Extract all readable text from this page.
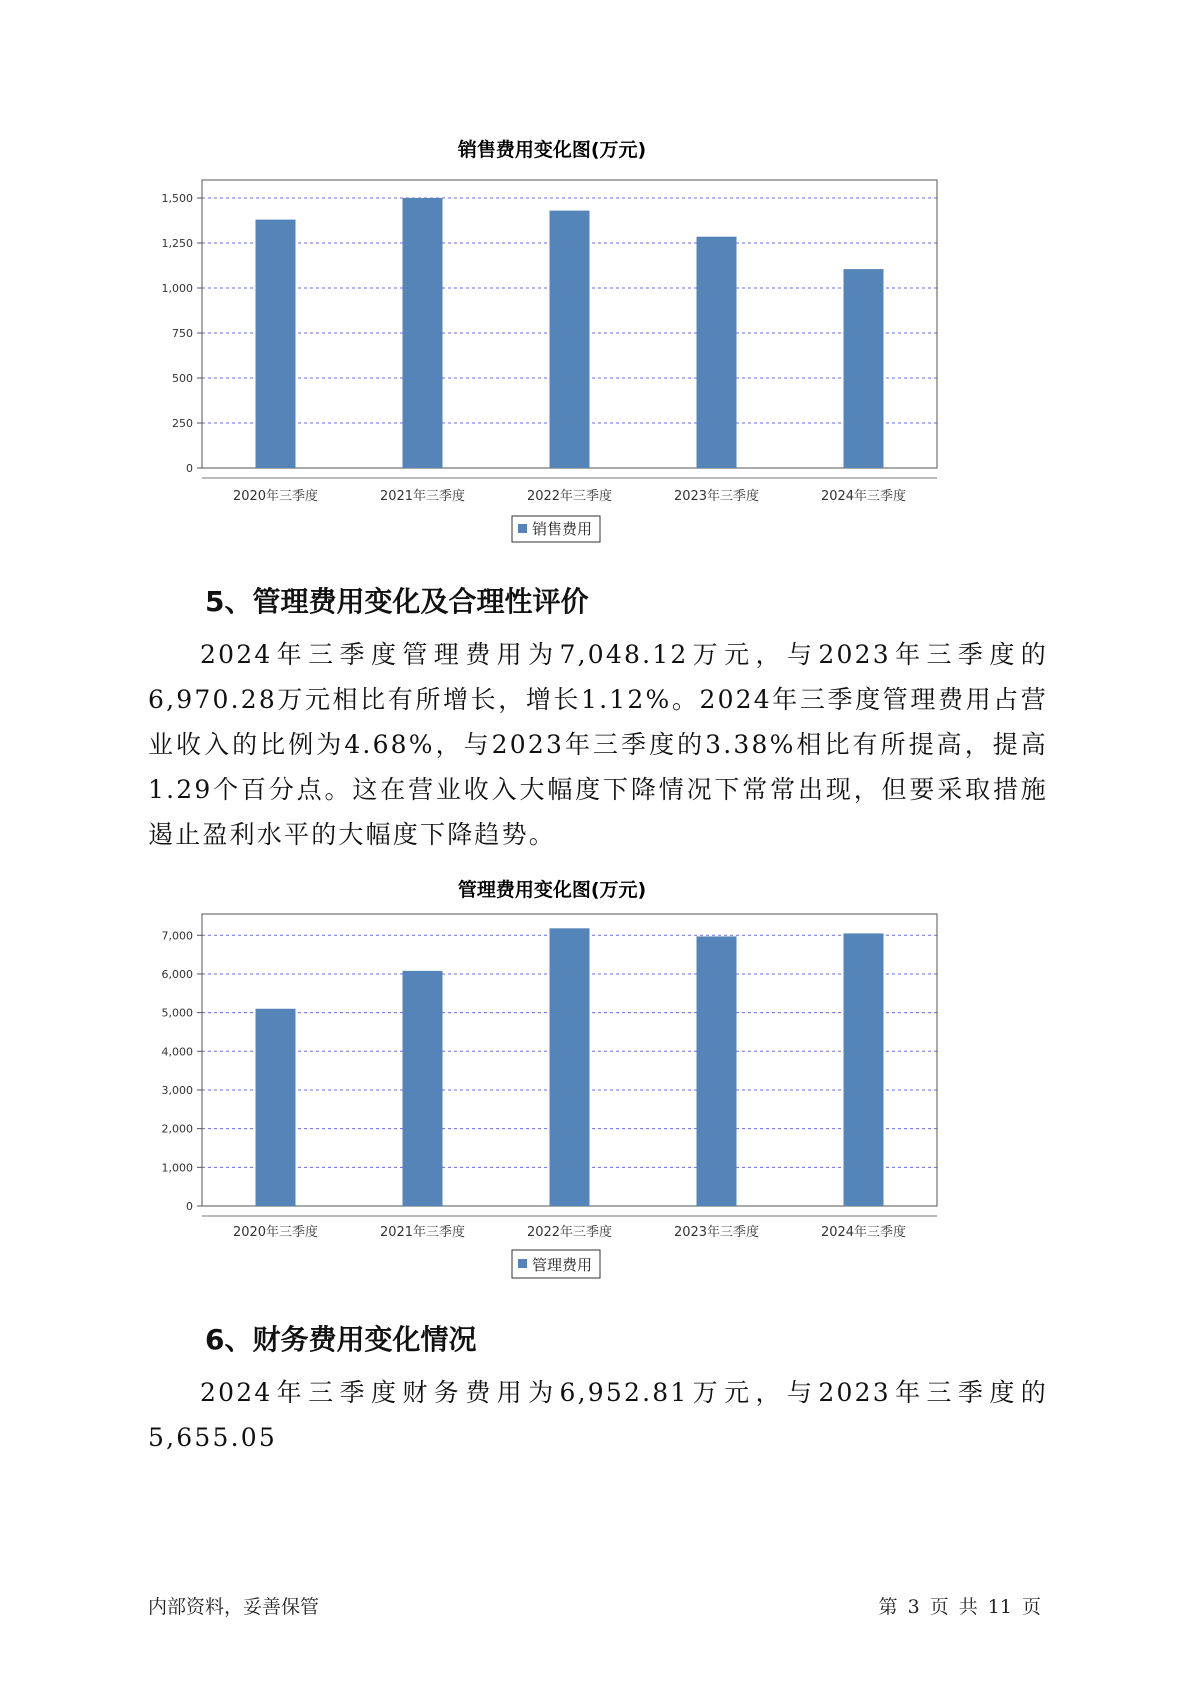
销售费用变化图(万元)
0
250
500
750
1,000
1,250
1,500
2020年三季度	2021年三季度	2022年三季度	2023年三季度	2024年三季度
销售费用
5、管理费用变化及合理性评价

2024年三季度管理费用为7,048.12万元，与2023年三季度的6,970.28万元相比有所增长，增长1.12%。2024年三季度管理费用占营业收入的比例为4.68%，与2023年三季度的3.38%相比有所提高，提高1.29个百分点。这在营业收入大幅度下降情况下常常出现，但要采取措施遏止盈利水平的大幅度下降趋势。

管理费用变化图(万元)
0
1,000
2,000
3,000
4,000
5,000
6,000
7,000
2020年三季度	2021年三季度	2022年三季度	2023年三季度	2024年三季度
管理费用
6、财务费用变化情况

2024年三季度财务费用为6,952.81万元，与2023年三季度的5,655.05

内部资料，妥善保管	第 3 页 共 11 页
